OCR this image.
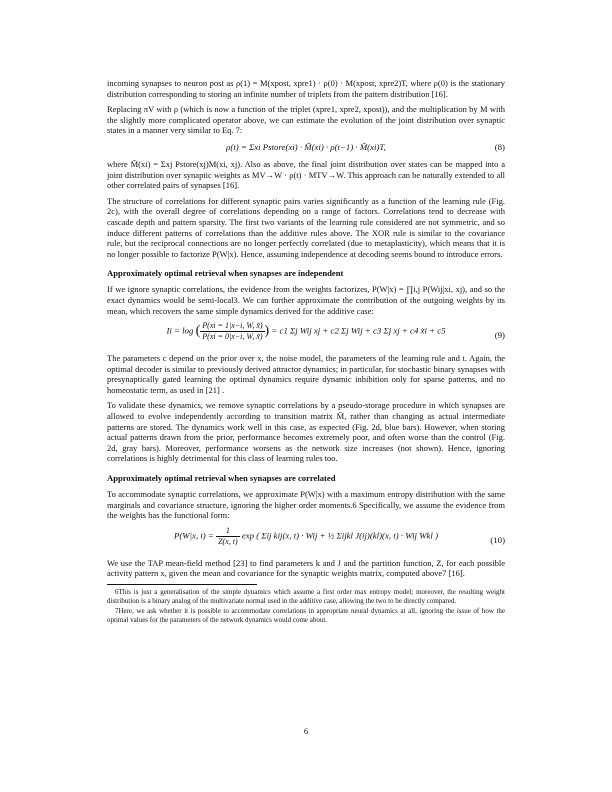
incoming synapses to neuron post as ρ(1) = M(xpost, xpre1) · ρ(0) · M(xpost, xpre2)T, where ρ(0) is the stationary distribution corresponding to storing an infinite number of triplets from the pattern distribution [16].

Replacing πV with ρ (which is now a function of the triplet (xpre1, xpre2, xpost)), and the multiplication by M with the slightly more complicated operator above, we can estimate the evolution of the joint distribution over synaptic states in a manner very similar to Eq. 7:

ρ(t) = Σxi Pstore(xi) · M̃(xi) · ρ(t−1) · M̃(xi)T,	(8)

where M̃(xi) = Σxj Pstore(xj)M(xi, xj). Also as above, the final joint distribution over states can be mapped into a joint distribution over synaptic weights as MV→W · ρ(t) · MTV→W. This approach can be naturally extended to all other correlated pairs of synapses [16].

The structure of correlations for different synaptic pairs varies significantly as a function of the learning rule (Fig. 2c), with the overall degree of correlations depending on a range of factors. Correlations tend to decrease with cascade depth and pattern sparsity. The first two variants of the learning rule considered are not symmetric, and so induce different patterns of correlations than the additive rules above. The XOR rule is similar to the covariance rule, but the reciprocal connections are no longer perfectly correlated (due to metaplasticity), which means that it is no longer possible to factorize P(W|x). Hence, assuming independence at decoding seems bound to introduce errors.

Approximately optimal retrieval when synapses are independent

If we ignore synaptic correlations, the evidence from the weights factorizes, P(W|x) = ∏i,j P(Wij|xi, xj), and so the exact dynamics would be semi-local3. We can further approximate the contribution of the outgoing weights by its mean, which recovers the same simple dynamics derived for the additive case:

Ii = log ( $\frac{P(xi = 1|x-i, W, x̃)}{P(xi = 0|x-i, W, x̃)}$ ) = c1 Σj Wij xj + c2 Σj Wij + c3 Σj xj + c4 x̃i + c5	(9)

The parameters c depend on the prior over x, the noise model, the parameters of the learning rule and t. Again, the optimal decoder is similar to previously derived attractor dynamics; in particular, for stochastic binary synapses with presynaptically gated learning the optimal dynamics require dynamic inhibition only for sparse patterns, and no homeostatic term, as used in [21] .

To validate these dynamics, we remove synaptic correlations by a pseudo-storage procedure in which synapses are allowed to evolve independently according to transition matrix M̄, rather than changing as actual intermediate patterns are stored. The dynamics work well in this case, as expected (Fig. 2d, blue bars). However, when storing actual patterns drawn from the prior, performance becomes extremely poor, and often worse than the control (Fig. 2d, gray bars). Moreover, performance worsens as the network size increases (not shown). Hence, ignoring correlations is highly detrimental for this class of learning rules too.

Approximately optimal retrieval when synapses are correlated

To accommodate synaptic correlations, we approximate P(W|x) with a maximum entropy distribution with the same marginals and covariance structure, ignoring the higher order moments.6 Specifically, we assume the evidence from the weights has the functional form:

P(W|x, $t) = \frac{1}{Z(x, t)}$ exp ( Σij kij(x, t) · Wij + ½ Σijkl J(ij)(kl)(x, t) · Wij Wkl )	(10)

We use the TAP mean-field method [23] to find parameters k and J and the partition function, Z, for each possible activity pattern x, given the mean and covariance for the synaptic weights matrix, computed above7 [16].

6This is just a generalisation of the simple dynamics which assume a first order max entropy model; moreover, the resulting weight distribution is a binary analog of the multivariate normal used in the additive case, allowing the two to be directly compared.

7Here, we ask whether it is possible to accommodate correlations in appropriate neural dynamics at all, ignoring the issue of how the optimal values for the parameters of the network dynamics would come about.

6
